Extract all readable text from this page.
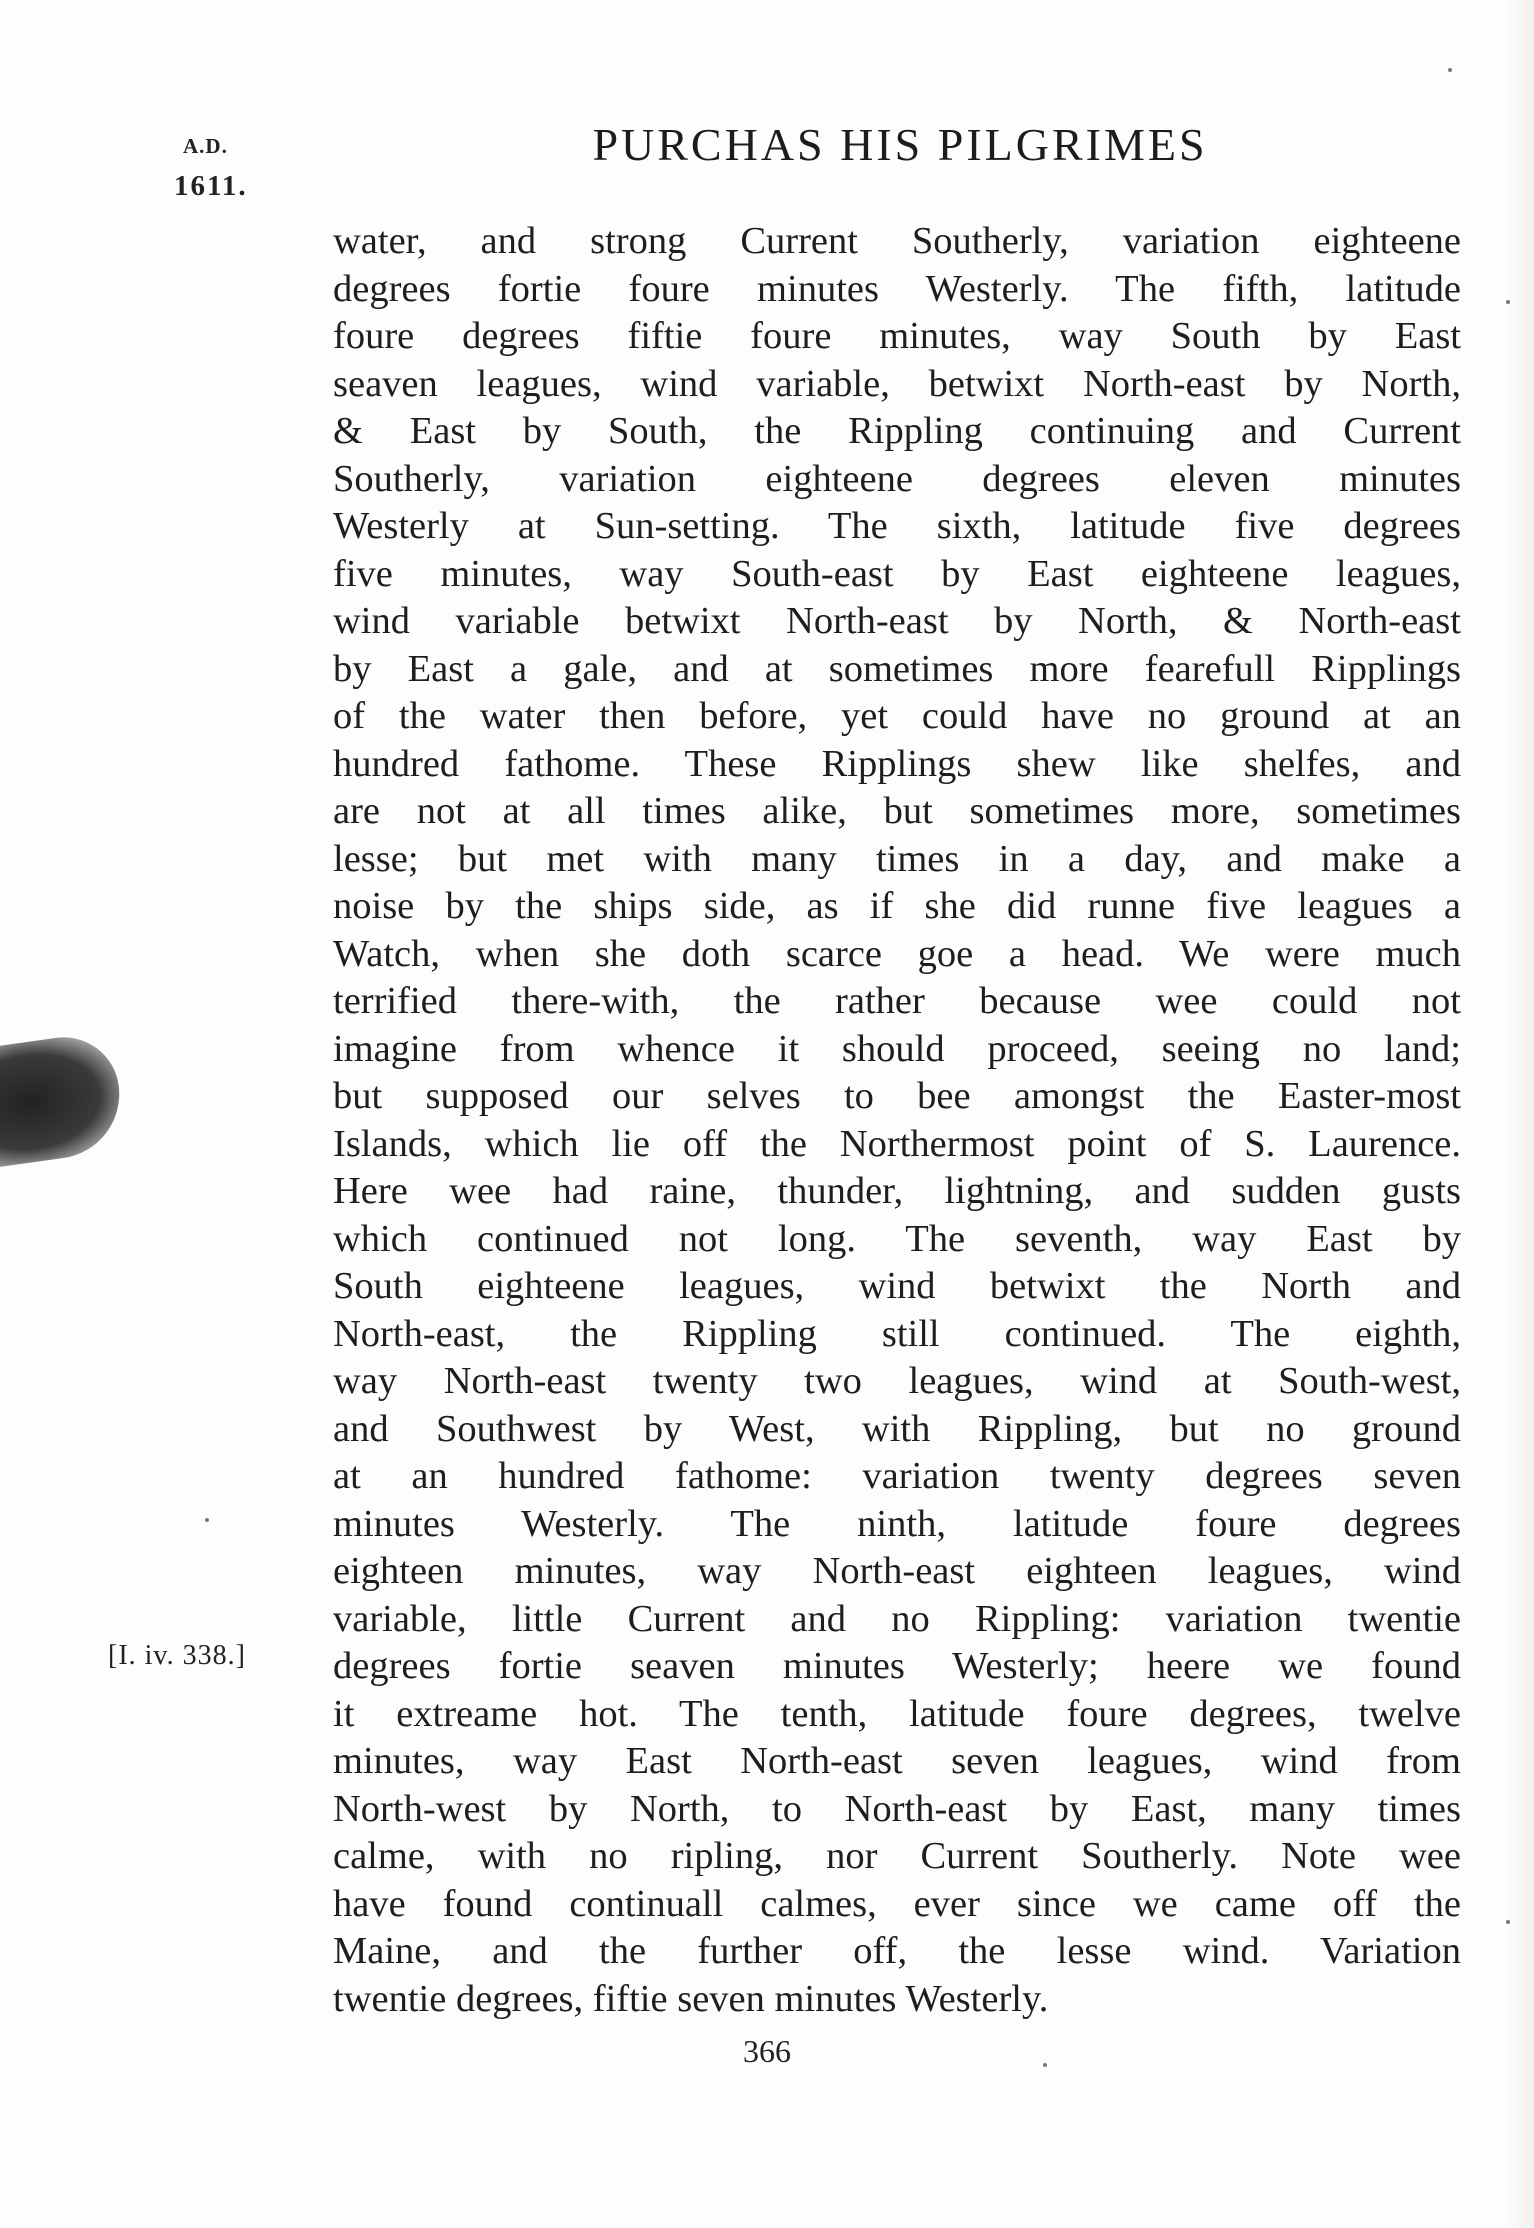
A.D.
1611.
PURCHAS HIS PILGRIMES
water, and strong Current Southerly, variation eighteene
degrees fortie foure minutes Westerly. The fifth, latitude
foure degrees fiftie foure minutes, way South by East
seaven leagues, wind variable, betwixt North-east by North,
& East by South, the Rippling continuing and Current
Southerly, variation eighteene degrees eleven minutes
Westerly at Sun-setting. The sixth, latitude five degrees
five minutes, way South-east by East eighteene leagues,
wind variable betwixt North-east by North, & North-east
by East a gale, and at sometimes more fearefull Ripplings
of the water then before, yet could have no ground at an
hundred fathome. These Ripplings shew like shelfes, and
are not at all times alike, but sometimes more, sometimes
lesse; but met with many times in a day, and make a
noise by the ships side, as if she did runne five leagues a
Watch, when she doth scarce goe a head. We were much
terrified there-with, the rather because wee could not
imagine from whence it should proceed, seeing no land;
but supposed our selves to bee amongst the Easter-most
Islands, which lie off the Northermost point of S. Laurence.
Here wee had raine, thunder, lightning, and sudden gusts
which continued not long. The seventh, way East by
South eighteene leagues, wind betwixt the North and
North-east, the Rippling still continued. The eighth,
way North-east twenty two leagues, wind at South-west,
and Southwest by West, with Rippling, but no ground
at an hundred fathome: variation twenty degrees seven
minutes Westerly. The ninth, latitude foure degrees
eighteen minutes, way North-east eighteen leagues, wind
variable, little Current and no Rippling: variation twentie
degrees fortie seaven minutes Westerly; heere we found
it extreame hot. The tenth, latitude foure degrees, twelve
minutes, way East North-east seven leagues, wind from
North-west by North, to North-east by East, many times
calme, with no ripling, nor Current Southerly. Note wee
have found continuall calmes, ever since we came off the
Maine, and the further off, the lesse wind. Variation
twentie degrees, fiftie seven minutes Westerly.
[I. iv. 338.]
366
